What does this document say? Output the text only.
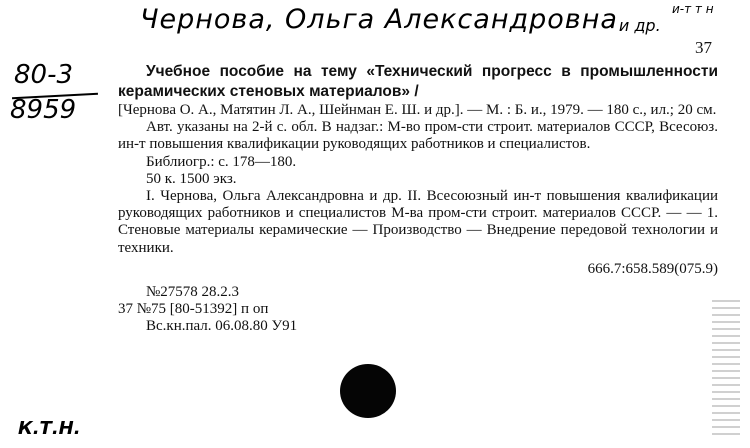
Чернова, Ольга Александровна
- и др.
и-т т н
37
80-3
8959

Учебное пособие на тему «Технический прогресс в промышленности керамических стеновых материалов» /

[Чернова О. А., Матятин Л. А., Шейнман Е. Ш. и др.]. — М. : Б. и., 1979. — 180 с., ил.; 20 см.

Авт. указаны на 2-й с. обл. В надзаг.: М-во пром-сти строит. материалов СССР, Всесоюз. ин-т повышения квалификации руководящих работников и специалистов.

Библиогр.: с. 178—180.

50 к. 1500 экз.

I. Чернова, Ольга Александровна и др. II. Всесоюзный ин-т повышения квалификации руководящих работников и специалистов М-ва пром-сти строит. материалов СССР. — — 1. Стеновые материалы керамические — Производство — Внедрение передовой технологии и техники.

666.7:658.589(075.9)

№27578 28.2.3

37 №75 [80-51392] п оп

Вс.кн.пал. 06.08.80 У91

К.Т.Н.
